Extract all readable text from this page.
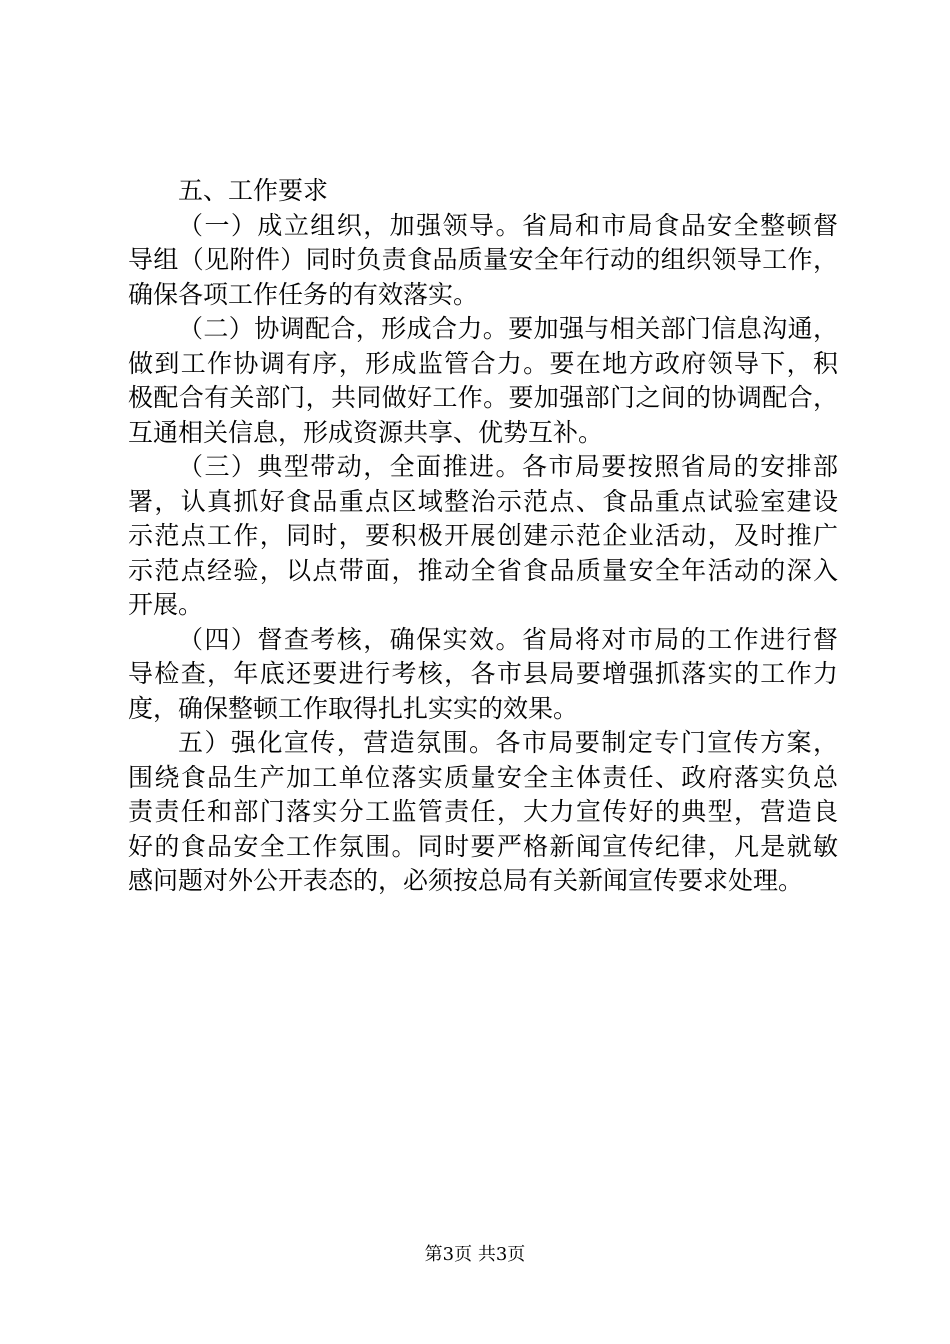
五、工作要求
（一）成立组织，加强领导。省局和市局食品安全整顿督
导组（见附件）同时负责食品质量安全年行动的组织领导工作，
确保各项工作任务的有效落实。
（二）协调配合，形成合力。要加强与相关部门信息沟通，
做到工作协调有序，形成监管合力。要在地方政府领导下，积
极配合有关部门，共同做好工作。要加强部门之间的协调配合，
互通相关信息，形成资源共享、优势互补。
（三）典型带动，全面推进。各市局要按照省局的安排部
署，认真抓好食品重点区域整治示范点、食品重点试验室建设
示范点工作，同时，要积极开展创建示范企业活动，及时推广
示范点经验，以点带面，推动全省食品质量安全年活动的深入
开展。
（四）督查考核，确保实效。省局将对市局的工作进行督
导检查，年底还要进行考核，各市县局要增强抓落实的工作力
度，确保整顿工作取得扎扎实实的效果。
五）强化宣传，营造氛围。各市局要制定专门宣传方案，
围绕食品生产加工单位落实质量安全主体责任、政府落实负总
责责任和部门落实分工监管责任，大力宣传好的典型，营造良
好的食品安全工作氛围。同时要严格新闻宣传纪律，凡是就敏
感问题对外公开表态的，必须按总局有关新闻宣传要求处理。
第3页 共3页
